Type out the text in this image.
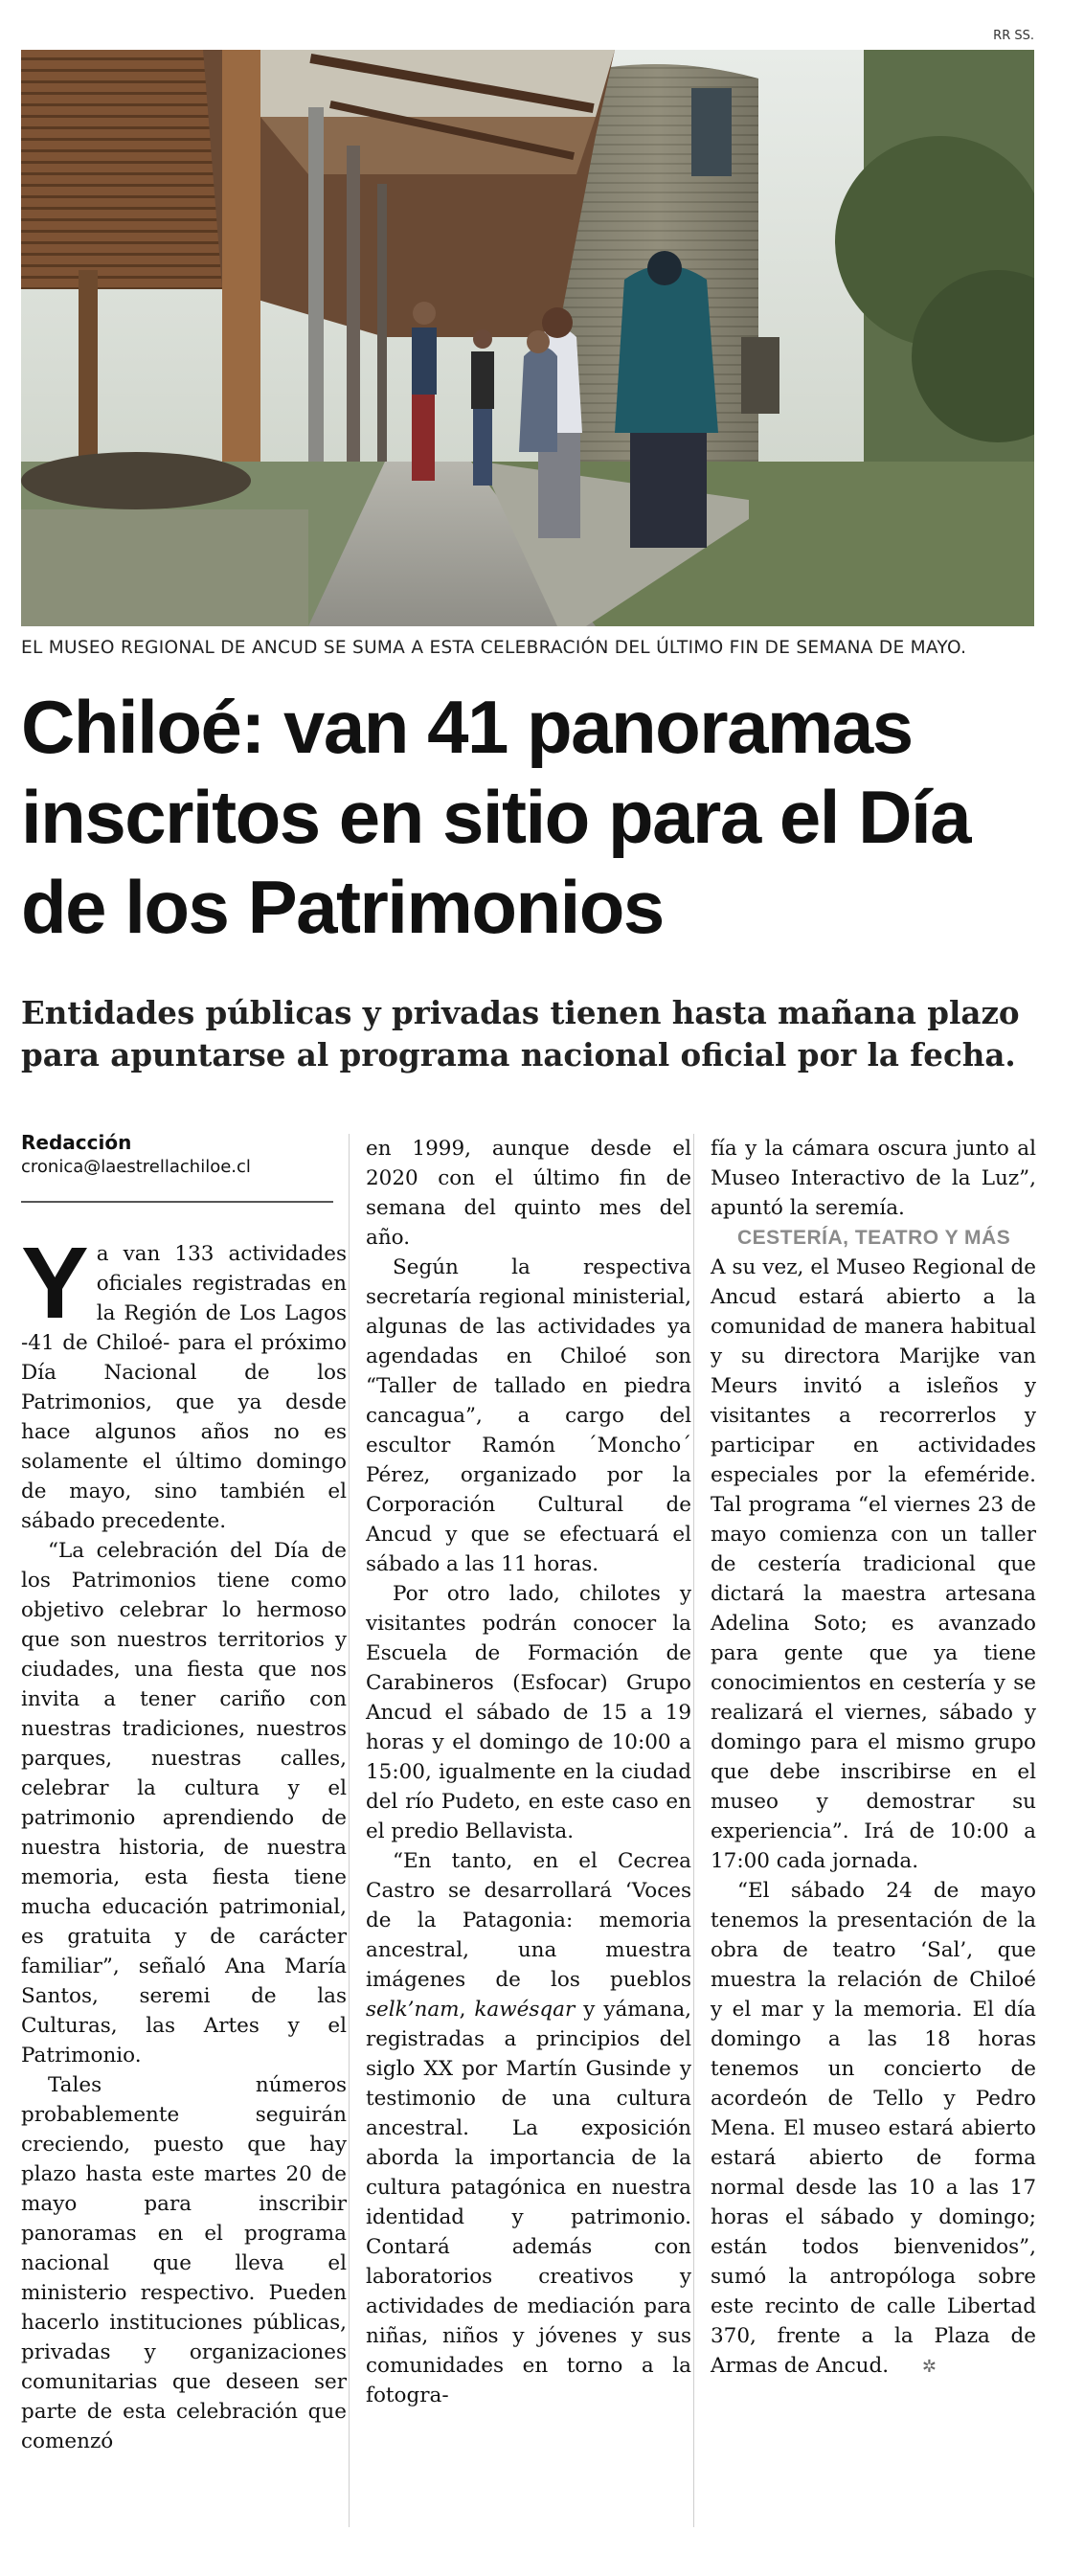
RR SS.
EL MUSEO REGIONAL DE ANCUD SE SUMA A ESTA CELEBRACIÓN DEL ÚLTIMO FIN DE SEMANA DE MAYO.
Chiloé: van 41 panoramas inscritos en sitio para el Día de los Patrimonios

Entidades públicas y privadas tienen hasta mañana plazo para apuntarse al programa nacional oficial por la fecha.

Redacción
cronica@laestrellachiloe.cl

Ya van 133 actividades oficiales registradas en la Región de Los Lagos -41 de Chiloé- para el próximo Día Nacional de los Patrimonios, que ya desde hace algunos años no es solamente el último domingo de mayo, sino también el sábado precedente.

“La celebración del Día de los Patrimonios tiene como objetivo celebrar lo hermoso que son nuestros territorios y ciudades, una fiesta que nos invita a tener cariño con nuestras tradiciones, nuestros parques, nuestras calles, celebrar la cultura y el patrimonio aprendiendo de nuestra historia, de nuestra memoria, esta fiesta tiene mucha educación patrimonial, es gratuita y de carácter familiar”, señaló Ana María Santos, seremi de las Culturas, las Artes y el Patrimonio.

Tales números probablemente seguirán creciendo, puesto que hay plazo hasta este martes 20 de mayo para inscribir panoramas en el programa nacional que lleva el ministerio respectivo. Pueden hacerlo instituciones públicas, privadas y organizaciones comunitarias que deseen ser parte de esta celebración que comenzó

en 1999, aunque desde el 2020 con el último fin de semana del quinto mes del año.

Según la respectiva secretaría regional ministerial, algunas de las actividades ya agendadas en Chiloé son “Taller de tallado en piedra cancagua”, a cargo del escultor Ramón ´Moncho´ Pérez, organizado por la Corporación Cultural de Ancud y que se efectuará el sábado a las 11 horas.

Por otro lado, chilotes y visitantes podrán conocer la Escuela de Formación de Carabineros (Esfocar) Grupo Ancud el sábado de 15 a 19 horas y el domingo de 10:00 a 15:00, igualmente en la ciudad del río Pudeto, en este caso en el predio Bellavista.

“En tanto, en el Cecrea Castro se desarrollará ‘Voces de la Patagonia: memoria ancestral, una muestra imágenes de los pueblos selk’nam, kawésqar y yámana, registradas a principios del siglo XX por Martín Gusinde y testimonio de una cultura ancestral. La exposición aborda la importancia de la cultura patagónica en nuestra identidad y patrimonio. Contará además con laboratorios creativos y actividades de mediación para niñas, niños y jóvenes y sus comunidades en torno a la fotogra-

fía y la cámara oscura junto al Museo Interactivo de la Luz”, apuntó la seremía.

CESTERÍA, TEATRO Y MÁS

A su vez, el Museo Regional de Ancud estará abierto a la comunidad de manera habitual y su directora Marijke van Meurs invitó a isleños y visitantes a recorrerlos y participar en actividades especiales por la efeméride. Tal programa “el viernes 23 de mayo comienza con un taller de cestería tradicional que dictará la maestra artesana Adelina Soto; es avanzado para gente que ya tiene conocimientos en cestería y se realizará el viernes, sábado y domingo para el mismo grupo que debe inscribirse en el museo y demostrar su experiencia”. Irá de 10:00 a 17:00 cada jornada.

“El sábado 24 de mayo tenemos la presentación de la obra de teatro ‘Sal’, que muestra la relación de Chiloé y el mar y la memoria. El día domingo a las 18 horas tenemos un concierto de acordeón de Tello y Pedro Mena. El museo estará abierto estará abierto de forma normal desde las 10 a las 17 horas el sábado y domingo; están todos bienvenidos”, sumó la antropóloga sobre este recinto de calle Libertad 370, frente a la Plaza de Armas de Ancud. ✲
